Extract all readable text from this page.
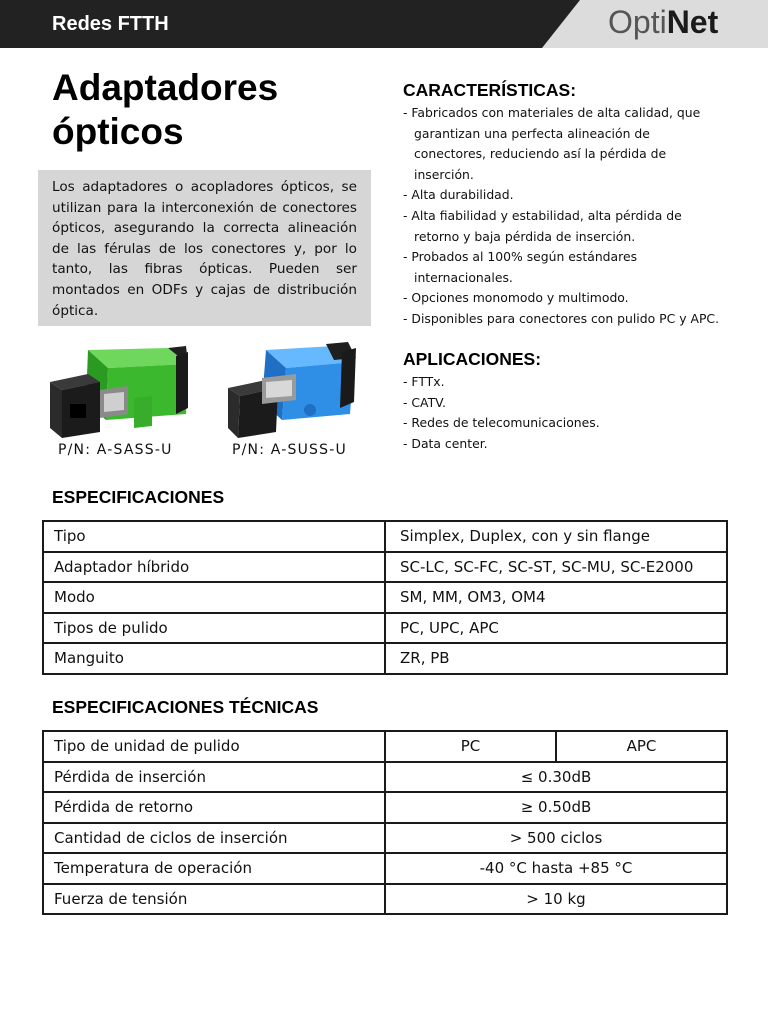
Redes FTTH	OptiNet
Adaptadores
ópticos
Los adaptadores o acopladores ópticos, se utilizan para la interconexión de conectores ópticos, asegurando la correcta alineación de las férulas de los conectores y, por lo tanto, las fibras ópticas. Pueden ser montados en ODFs y cajas de distribución óptica.
P/N: A-SASS-U	P/N: A-SUSS-U
CARACTERÍSTICAS:
- Fabricados con materiales de alta calidad, que
garantizan una perfecta alineación de
conectores, reduciendo así la pérdida de
inserción.
- Alta durabilidad.
- Alta fiabilidad y estabilidad, alta pérdida de
retorno y baja pérdida de inserción.
- Probados al 100% según estándares
internacionales.
- Opciones monomodo y multimodo.
- Disponibles para conectores con pulido PC y APC.
APLICACIONES:
- FTTx.
- CATV.
- Redes de telecomunicaciones.
- Data center.
ESPECIFICACIONES
Tipo	Simplex, Duplex, con y sin flange
Adaptador híbrido	SC-LC, SC-FC, SC-ST, SC-MU, SC-E2000
Modo	SM, MM, OM3, OM4
Tipos de pulido	PC, UPC, APC
Manguito	ZR, PB
ESPECIFICACIONES TÉCNICAS
Tipo de unidad de pulido	PC	APC
Pérdida de inserción	≤ 0.30dB	
Pérdida de retorno	≥ 0.50dB	
Cantidad de ciclos de inserción	> 500 ciclos	
Temperatura de operación	-40 °C hasta +85 °C	
Fuerza de tensión	> 10 kg	
